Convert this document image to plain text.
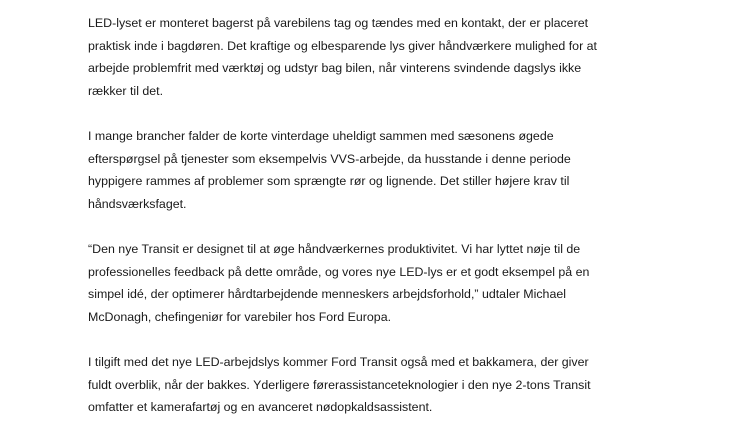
LED-lyset er monteret bagerst på varebilens tag og tændes med en kontakt, der er placeret
praktisk inde i bagdøren. Det kraftige og elbesparende lys giver håndværkere mulighed for at
arbejde problemfrit med værktøj og udstyr bag bilen, når vinterens svindende dagslys ikke
rækker til det.

I mange brancher falder de korte vinterdage uheldigt sammen med sæsonens øgede
efterspørgsel på tjenester som eksempelvis VVS-arbejde, da husstande i denne periode
hyppigere rammes af problemer som sprængte rør og lignende. Det stiller højere krav til
håndsværksfaget.

“Den nye Transit er designet til at øge håndværkernes produktivitet. Vi har lyttet nøje til de
professionelles feedback på dette område, og vores nye LED-lys er et godt eksempel på en
simpel idé, der optimerer hårdtarbejdende menneskers arbejdsforhold,” udtaler Michael
McDonagh, chefingeniør for varebiler hos Ford Europa.

I tilgift med det nye LED-arbejdslys kommer Ford Transit også med et bakkamera, der giver
fuldt overblik, når der bakkes. Yderligere førerassistanceteknologier i den nye 2-tons Transit
omfatter et kamerafartøj og en avanceret nødopkaldsassistent.
